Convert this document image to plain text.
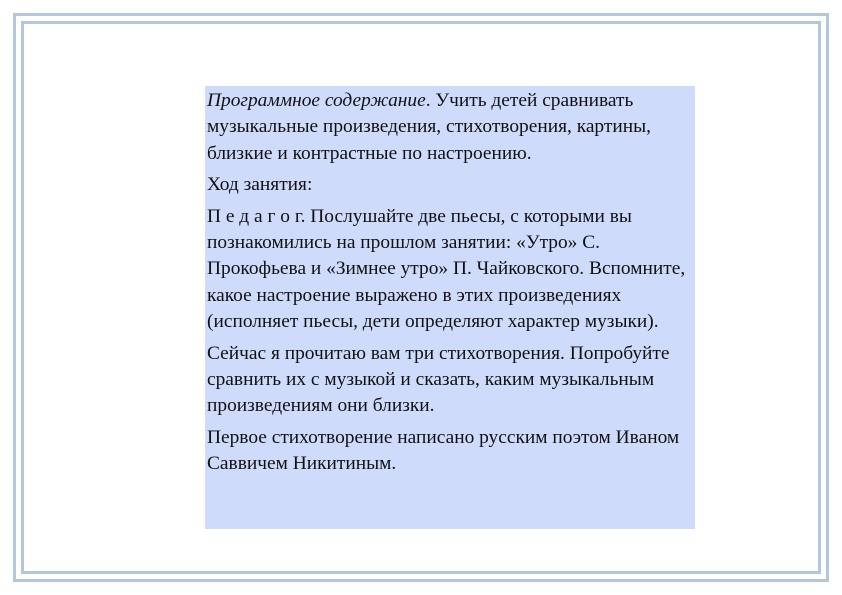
Программное содержание. Учить детей сравнивать музыкальные произведения, стихотворения, картины, близкие и контрастные по настроению.

Ход занятия:

П е д а г о г. Послушайте две пьесы, с которыми вы познакомились на прошлом занятии: «Утро» С. Прокофьева и «Зимнее утро» П. Чайковского. Вспомните, какое настроение выражено в этих произведениях (исполняет пьесы, дети определяют характер музыки).

Сейчас я прочитаю вам три стихотворения. Попробуйте сравнить их с музыкой и сказать, каким музыкальным произведениям они близки.

Первое стихотворение написано русским поэтом Иваном Саввичем Никитиным.
